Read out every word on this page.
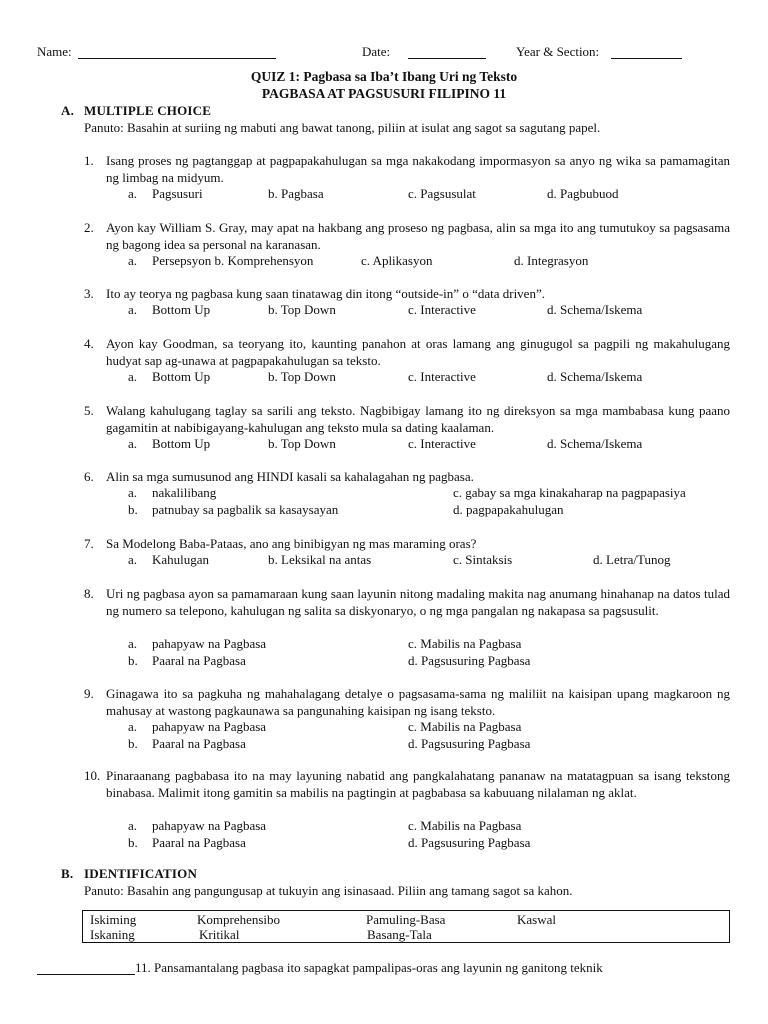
Name:	Date:	Year & Section:
QUIZ 1: Pagbasa sa Iba’t Ibang Uri ng Teksto
PAGBASA AT PAGSUSURI FILIPINO 11
A. MULTIPLE CHOICE
Panuto: Basahin at suriing ng mabuti ang bawat tanong, piliin at isulat ang sagot sa sagutang papel.
1. Isang proses ng pagtanggap at pagpapakahulugan sa mga nakakodang impormasyon sa anyo ng wika sa pamamagitan ng limbag na midyum.
a. Pagsusuri	b. Pagbasa	c. Pagsusulat	d. Pagbubuod
2. Ayon kay William S. Gray, may apat na hakbang ang proseso ng pagbasa, alin sa mga ito ang tumutukoy sa pagsasama ng bagong idea sa personal na karanasan.
a. Persepsyon b. Komprehensyon	c. Aplikasyon	d. Integrasyon
3. Ito ay teorya ng pagbasa kung saan tinatawag din itong “outside-in” o “data driven”.
a. Bottom Up	b. Top Down	c. Interactive	d. Schema/Iskema
4. Ayon kay Goodman, sa teoryang ito, kaunting panahon at oras lamang ang ginugugol sa pagpili ng makahulugang hudyat sap ag-unawa at pagpapakahulugan sa teksto.
a. Bottom Up	b. Top Down	c. Interactive	d. Schema/Iskema
5. Walang kahulugang taglay sa sarili ang teksto. Nagbibigay lamang ito ng direksyon sa mga mambabasa kung paano gagamitin at nabibigayang-kahulugan ang teksto mula sa dating kaalaman.
a. Bottom Up	b. Top Down	c. Interactive	d. Schema/Iskema
6. Alin sa mga sumusunod ang HINDI kasali sa kahalagahan ng pagbasa.
a. nakalilibang	c. gabay sa mga kinakaharap na pagpapasiya
b. patnubay sa pagbalik sa kasaysayan	d. pagpapakahulugan
7. Sa Modelong Baba-Pataas, ano ang binibigyan ng mas maraming oras?
a. Kahulugan	b. Leksikal na antas	c. Sintaksis	d. Letra/Tunog
8. Uri ng pagbasa ayon sa pamamaraan kung saan layunin nitong madaling makita nag anumang hinahanap na datos tulad ng numero sa telepono, kahulugan ng salita sa diskyonaryo, o ng mga pangalan ng nakapasa sa pagsusulit.
a. pahapyaw na Pagbasa	c. Mabilis na Pagbasa
b. Paaral na Pagbasa	d. Pagsusuring Pagbasa
9. Ginagawa ito sa pagkuha ng mahahalagang detalye o pagsasama-sama ng maliliit na kaisipan upang magkaroon ng mahusay at wastong pagkaunawa sa pangunahing kaisipan ng isang teksto.
a. pahapyaw na Pagbasa	c. Mabilis na Pagbasa
b. Paaral na Pagbasa	d. Pagsusuring Pagbasa
10. Pinaraanang pagbabasa ito na may layuning nabatid ang pangkalahatang pananaw na matatagpuan sa isang tekstong binabasa. Malimit itong gamitin sa mabilis na pagtingin at pagbabasa sa kabuuang nilalaman ng aklat.
a. pahapyaw na Pagbasa	c. Mabilis na Pagbasa
b. Paaral na Pagbasa	d. Pagsusuring Pagbasa
B. IDENTIFICATION
Panuto: Basahin ang pangungusap at tukuyin ang isinasaad. Piliin ang tamang sagot sa kahon.
Iskiming	Komprehensibo	Pamuling-Basa	Kaswal
Iskaning	Kritikal	Basang-Tala
11. Pansamantalang pagbasa ito sapagkat pampalipas-oras ang layunin ng ganitong teknik
